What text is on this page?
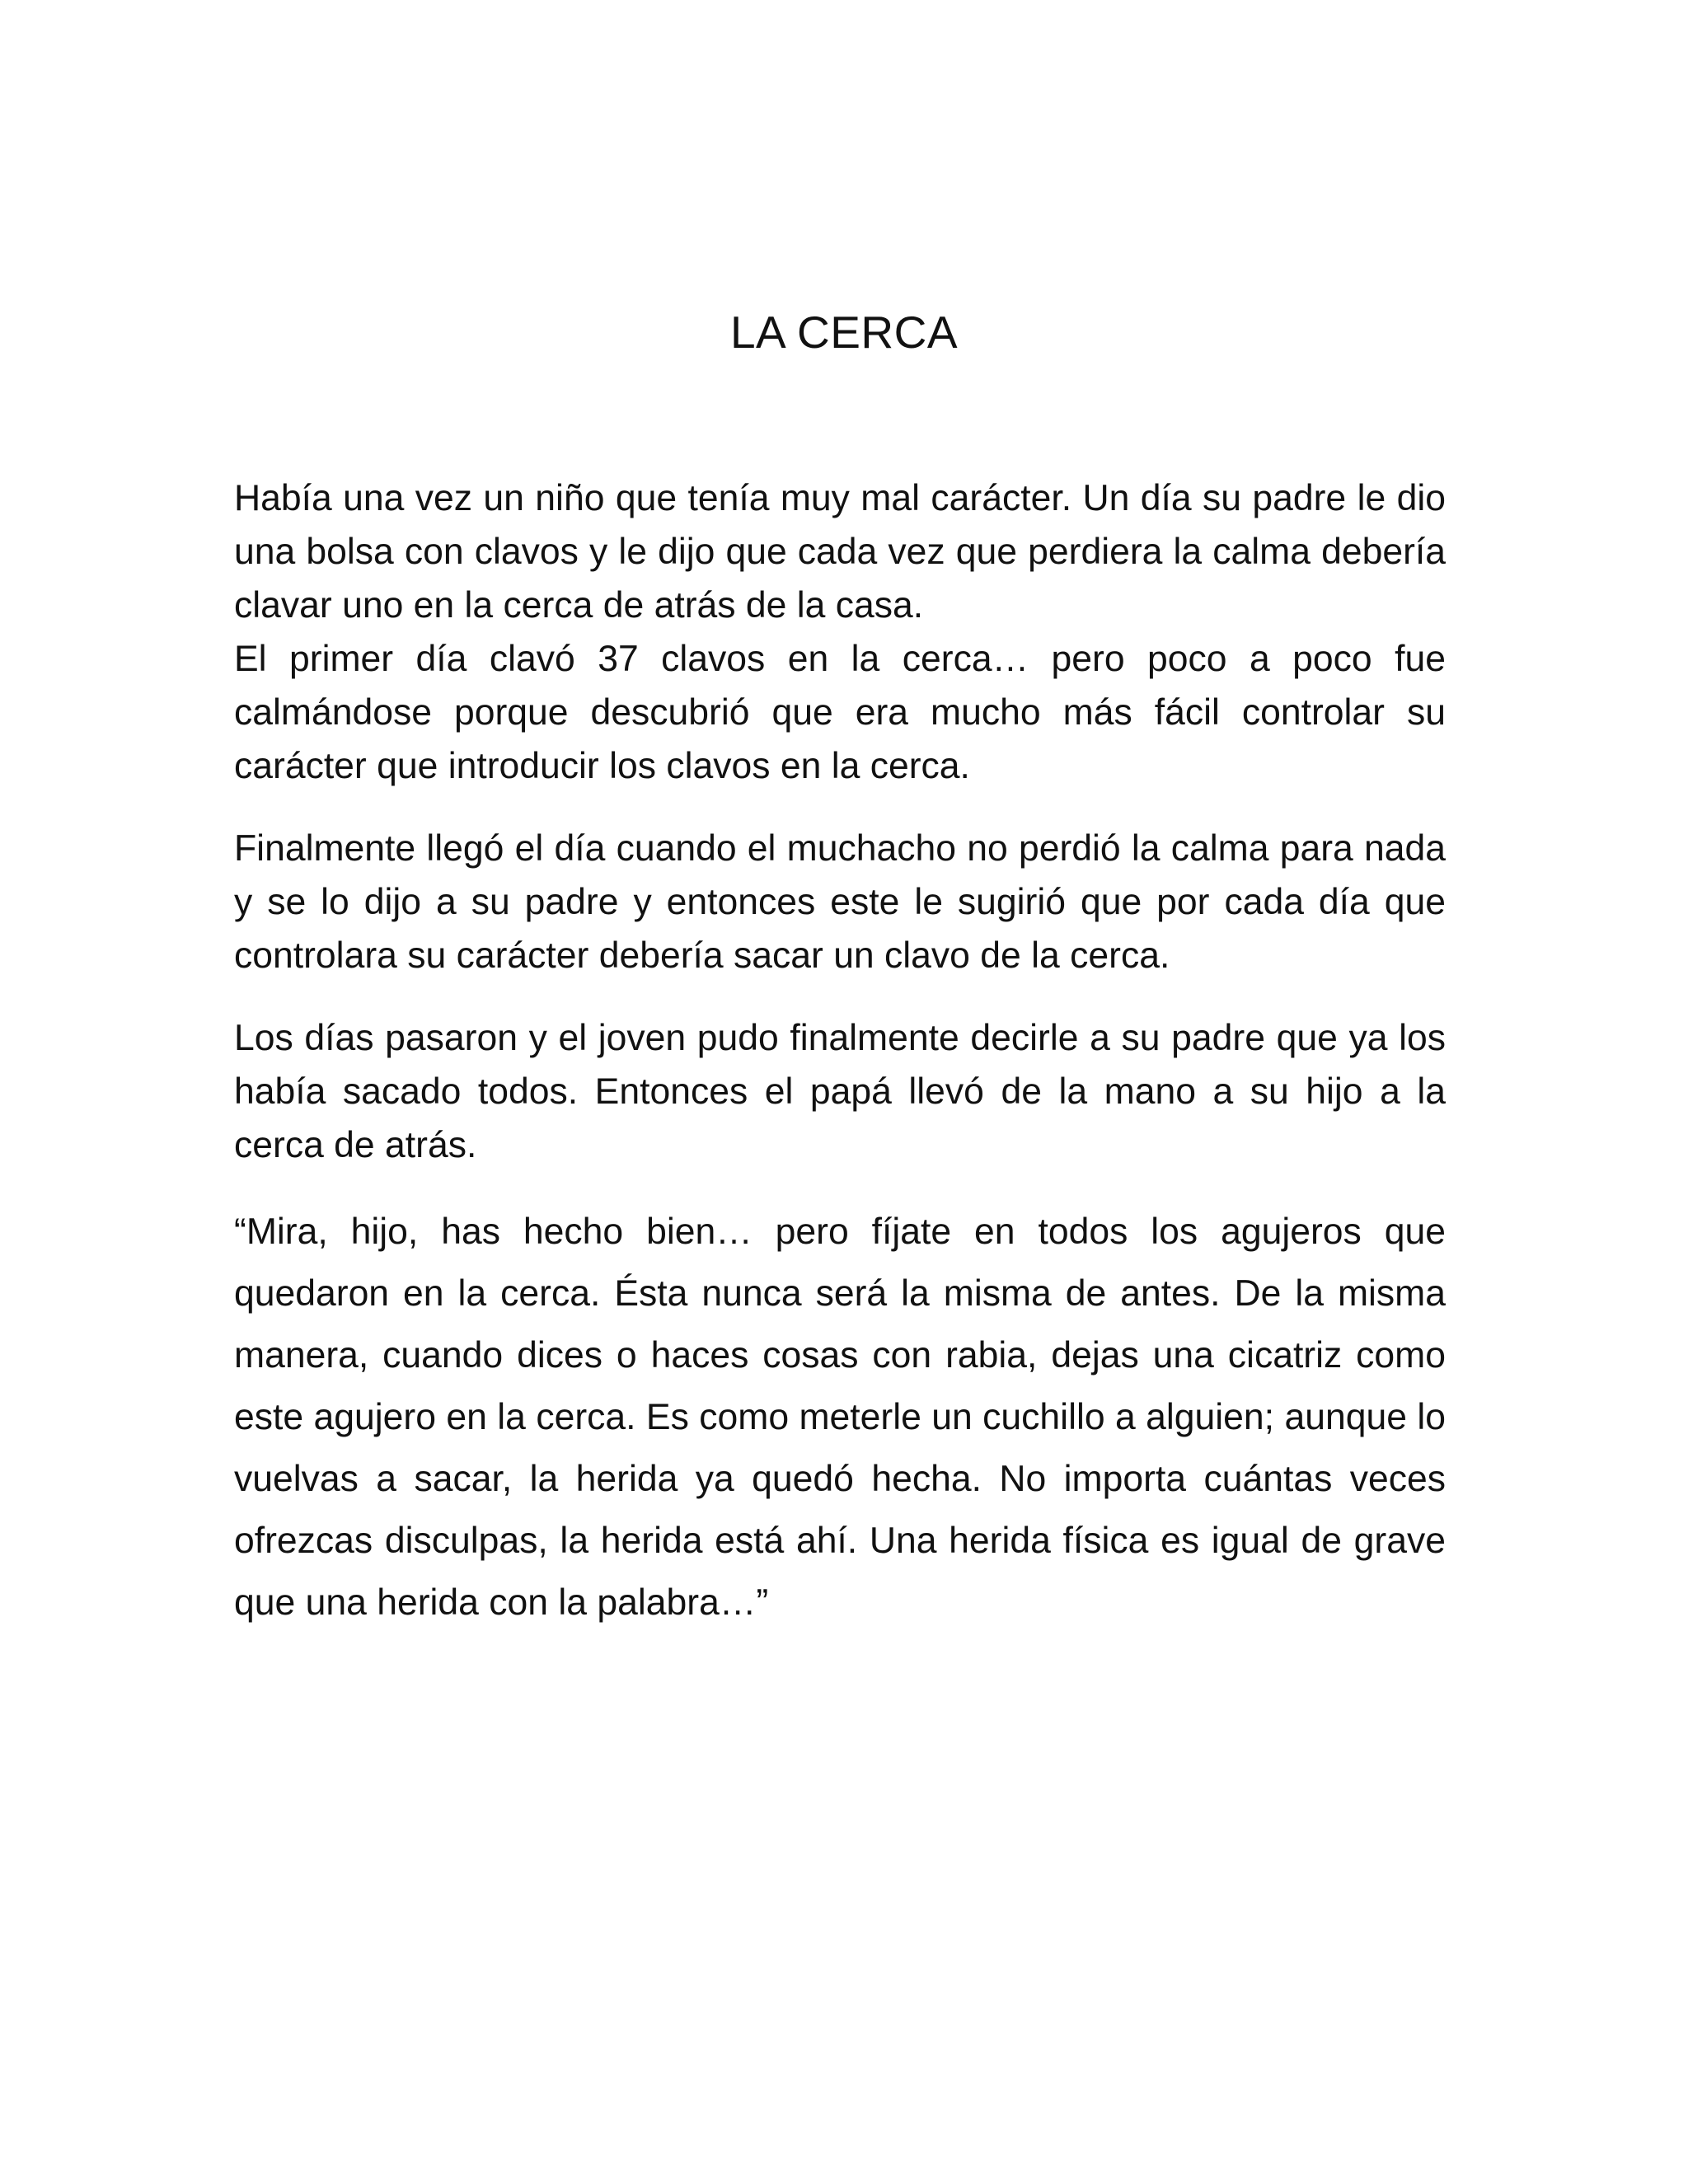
LA CERCA

Había una vez un niño que tenía muy mal carácter. Un día su padre le dio una bolsa con clavos y le dijo que cada vez que perdiera la calma debería clavar uno en la cerca de atrás de la casa.

El primer día clavó 37 clavos en la cerca… pero poco a poco fue calmándose porque descubrió que era mucho más fácil controlar su carácter que introducir los clavos en la cerca.

Finalmente llegó el día cuando el muchacho no perdió la calma para nada y se lo dijo a su padre y entonces este le sugirió que por cada día que controlara su carácter debería sacar un clavo de la cerca.

Los días pasaron y el joven pudo finalmente decirle a su padre que ya los había sacado todos. Entonces el papá llevó de la mano a su hijo a la cerca de atrás.

“Mira, hijo, has hecho bien… pero fíjate en todos los agujeros que quedaron en la cerca. Ésta nunca será la misma de antes. De la misma manera, cuando dices o haces cosas con rabia, dejas una cicatriz como este agujero en la cerca. Es como meterle un cuchillo a alguien; aunque lo vuelvas a sacar, la herida ya quedó hecha. No importa cuántas veces ofrezcas disculpas, la herida está ahí. Una herida física es igual de grave que una herida con la palabra…”
